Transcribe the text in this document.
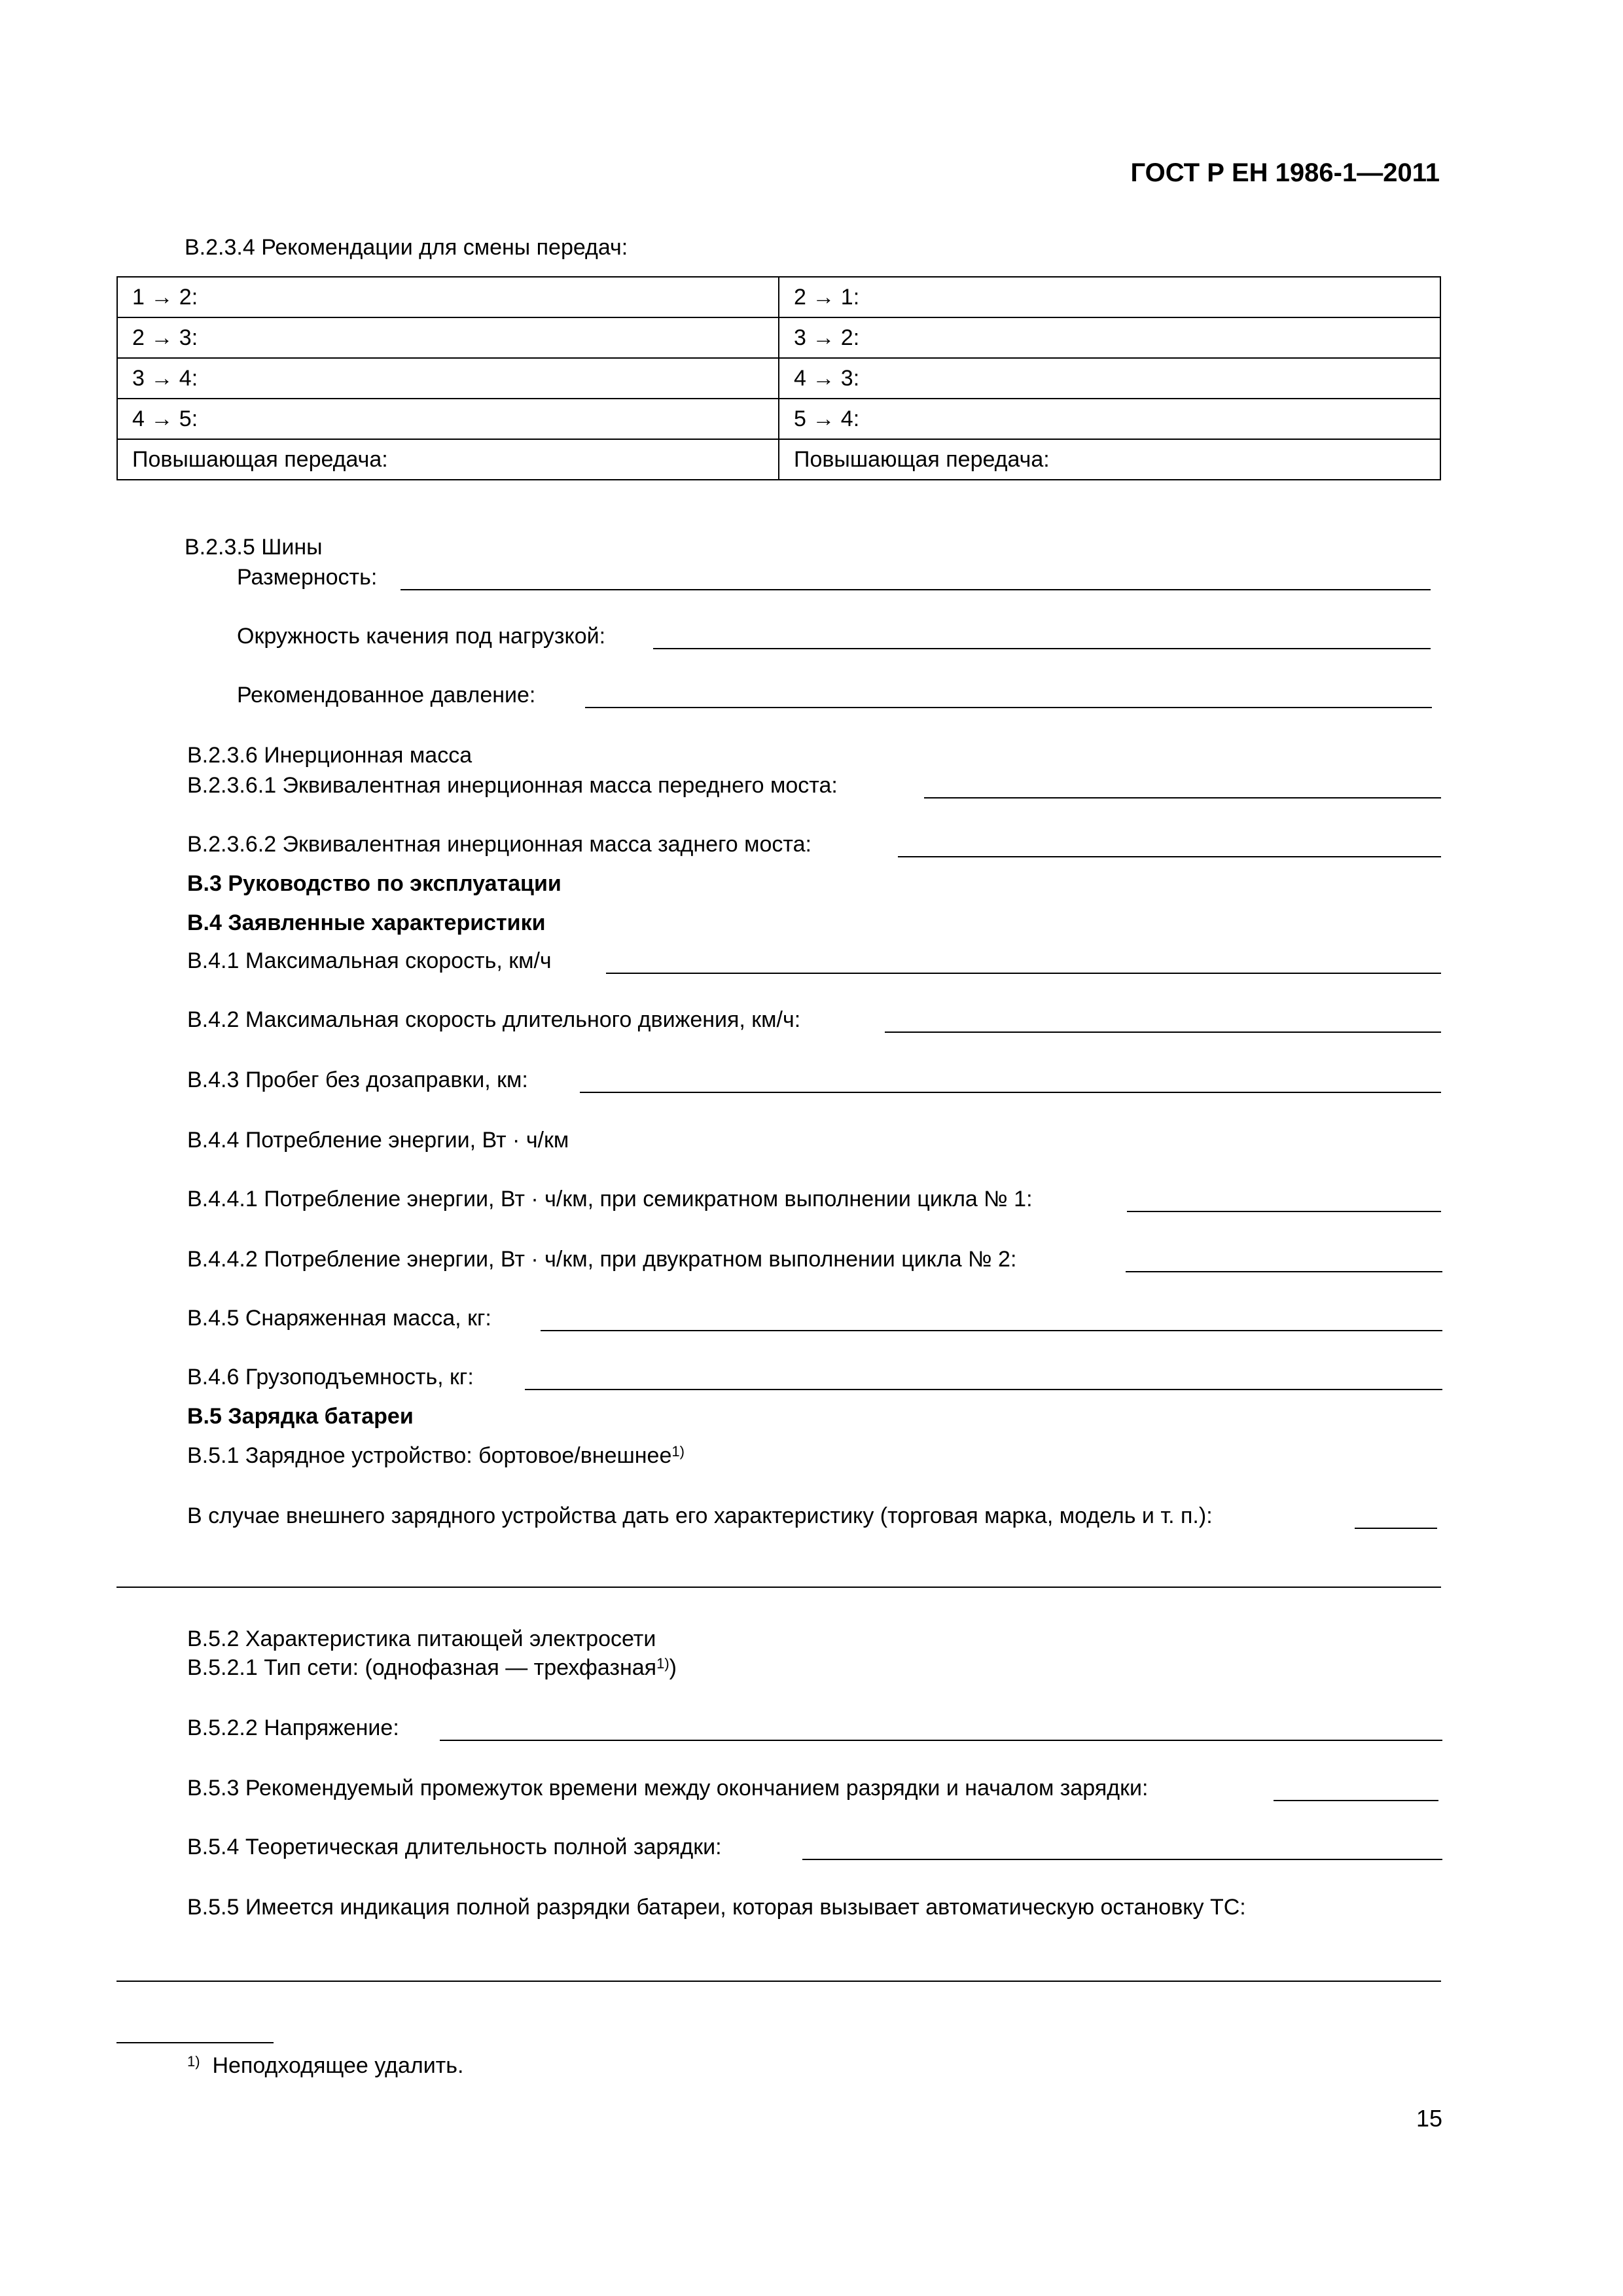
ГОСТ Р ЕН 1986-1—2011
B.2.3.4 Рекомендации для смены передач:
1 → 2:	2 → 1:
2 → 3:	3 → 2:
3 → 4:	4 → 3:
4 → 5:	5 → 4:
Повышающая передача:	Повышающая передача:
B.2.3.5 Шины
Размерность:
Окружность качения под нагрузкой:
Рекомендованное давление:
B.2.3.6 Инерционная масса
B.2.3.6.1 Эквивалентная инерционная масса переднего моста:
B.2.3.6.2 Эквивалентная инерционная масса заднего моста:
B.3 Руководство по эксплуатации
B.4 Заявленные характеристики
B.4.1 Максимальная скорость, км/ч
B.4.2 Максимальная скорость длительного движения, км/ч:
B.4.3 Пробег без дозаправки, км:
B.4.4 Потребление энергии, Вт · ч/км
B.4.4.1 Потребление энергии, Вт · ч/км, при семикратном выполнении цикла № 1:
B.4.4.2 Потребление энергии, Вт · ч/км, при двукратном выполнении цикла № 2:
B.4.5 Снаряженная масса, кг:
B.4.6 Грузоподъемность, кг:
B.5 Зарядка батареи
B.5.1 Зарядное устройство: бортовое/внешнее$^{1)}$
В случае внешнего зарядного устройства дать его характеристику (торговая марка, модель и т. п.):
B.5.2 Характеристика питающей электросети
B.5.2.1 Тип сети: (однофазная — трехфазная$^{1)}$)
B.5.2.2 Напряжение:
B.5.3 Рекомендуемый промежуток времени между окончанием разрядки и началом зарядки:
B.5.4 Теоретическая длительность полной зарядки:
B.5.5 Имеется индикация полной разрядки батареи, которая вызывает автоматическую остановку ТС:
$^{1)}$ Неподходящее удалить.
15
